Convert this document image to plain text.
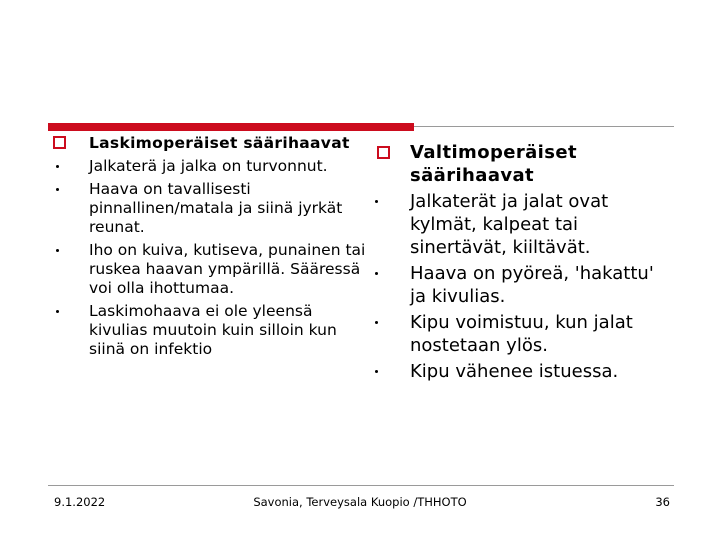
Laskimoperäiset säärihaavat
Jalkaterä ja jalka on turvonnut.
Haava on tavallisesti pinnallinen/matala ja siinä jyrkät reunat.
Iho on kuiva, kutiseva, punainen tai ruskea haavan ympärillä. Sääressä voi olla ihottumaa.
Laskimohaava ei ole yleensä kivulias muutoin kuin silloin kun siinä on infektio
Valtimoperäiset säärihaavat
Jalkaterät ja jalat ovat kylmät, kalpeat tai sinertävät, kiiltävät.
Haava on pyöreä, 'hakattu' ja kivulias.
Kipu voimistuu, kun jalat nostetaan ylös.
Kipu vähenee istuessa.
9.1.2022	Savonia, Terveysala Kuopio /THHOTO	36
